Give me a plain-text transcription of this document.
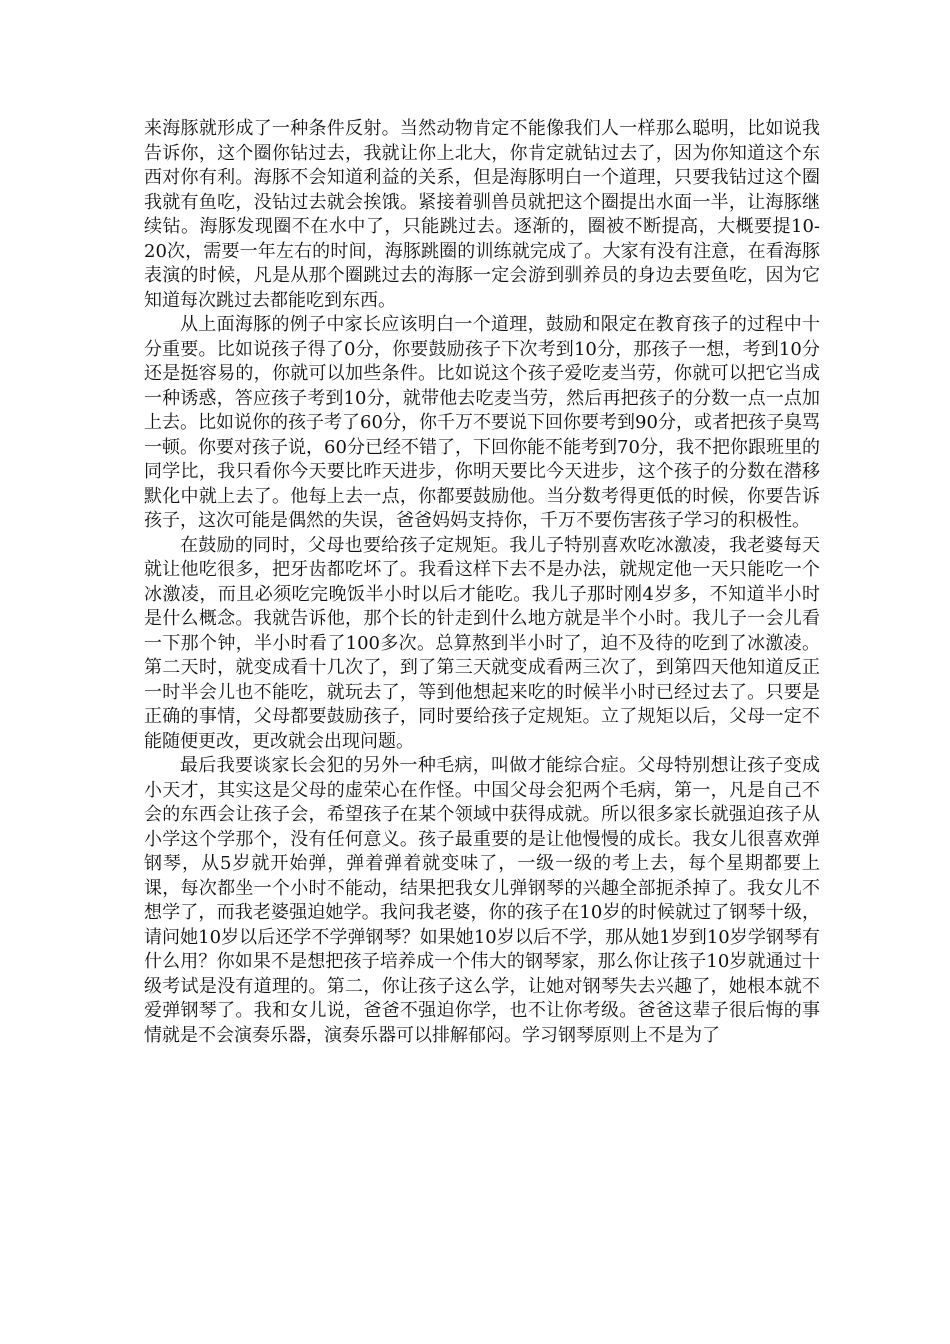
来海豚就形成了一种条件反射。当然动物肯定不能像我们人一样那么聪明，比如说我告诉你，这个圈你钻过去，我就让你上北大，你肯定就钻过去了，因为你知道这个东西对你有利。海豚不会知道利益的关系，但是海豚明白一个道理，只要我钻过这个圈我就有鱼吃，没钻过去就会挨饿。紧接着驯兽员就把这个圈提出水面一半，让海豚继续钻。海豚发现圈不在水中了，只能跳过去。逐渐的，圈被不断提高，大概要提10-20次，需要一年左右的时间，海豚跳圈的训练就完成了。大家有没有注意，在看海豚表演的时候，凡是从那个圈跳过去的海豚一定会游到驯养员的身边去要鱼吃，因为它知道每次跳过去都能吃到东西。

从上面海豚的例子中家长应该明白一个道理，鼓励和限定在教育孩子的过程中十分重要。比如说孩子得了0分，你要鼓励孩子下次考到10分，那孩子一想，考到10分还是挺容易的，你就可以加些条件。比如说这个孩子爱吃麦当劳，你就可以把它当成一种诱惑，答应孩子考到10分，就带他去吃麦当劳，然后再把孩子的分数一点一点加上去。比如说你的孩子考了60分，你千万不要说下回你要考到90分，或者把孩子臭骂一顿。你要对孩子说，60分已经不错了，下回你能不能考到70分，我不把你跟班里的同学比，我只看你今天要比昨天进步，你明天要比今天进步，这个孩子的分数在潜移默化中就上去了。他每上去一点，你都要鼓励他。当分数考得更低的时候，你要告诉孩子，这次可能是偶然的失误，爸爸妈妈支持你，千万不要伤害孩子学习的积极性。

在鼓励的同时，父母也要给孩子定规矩。我儿子特别喜欢吃冰激凌，我老婆每天就让他吃很多，把牙齿都吃坏了。我看这样下去不是办法，就规定他一天只能吃一个冰激凌，而且必须吃完晚饭半小时以后才能吃。我儿子那时刚4岁多，不知道半小时是什么概念。我就告诉他，那个长的针走到什么地方就是半个小时。我儿子一会儿看一下那个钟，半小时看了100多次。总算熬到半小时了，迫不及待的吃到了冰激凌。第二天时，就变成看十几次了，到了第三天就变成看两三次了，到第四天他知道反正一时半会儿也不能吃，就玩去了，等到他想起来吃的时候半小时已经过去了。只要是正确的事情，父母都要鼓励孩子，同时要给孩子定规矩。立了规矩以后，父母一定不能随便更改，更改就会出现问题。

最后我要谈家长会犯的另外一种毛病，叫做才能综合症。父母特别想让孩子变成小天才，其实这是父母的虚荣心在作怪。中国父母会犯两个毛病，第一，凡是自己不会的东西会让孩子会，希望孩子在某个领域中获得成就。所以很多家长就强迫孩子从小学这个学那个，没有任何意义。孩子最重要的是让他慢慢的成长。我女儿很喜欢弹钢琴，从5岁就开始弹，弹着弹着就变味了，一级一级的考上去，每个星期都要上课，每次都坐一个小时不能动，结果把我女儿弹钢琴的兴趣全部扼杀掉了。我女儿不想学了，而我老婆强迫她学。我问我老婆，你的孩子在10岁的时候就过了钢琴十级，请问她10岁以后还学不学弹钢琴？如果她10岁以后不学，那从她1岁到10岁学钢琴有什么用？你如果不是想把孩子培养成一个伟大的钢琴家，那么你让孩子10岁就通过十级考试是没有道理的。第二，你让孩子这么学，让她对钢琴失去兴趣了，她根本就不爱弹钢琴了。我和女儿说，爸爸不强迫你学，也不让你考级。爸爸这辈子很后悔的事情就是不会演奏乐器，演奏乐器可以排解郁闷。学习钢琴原则上不是为了
